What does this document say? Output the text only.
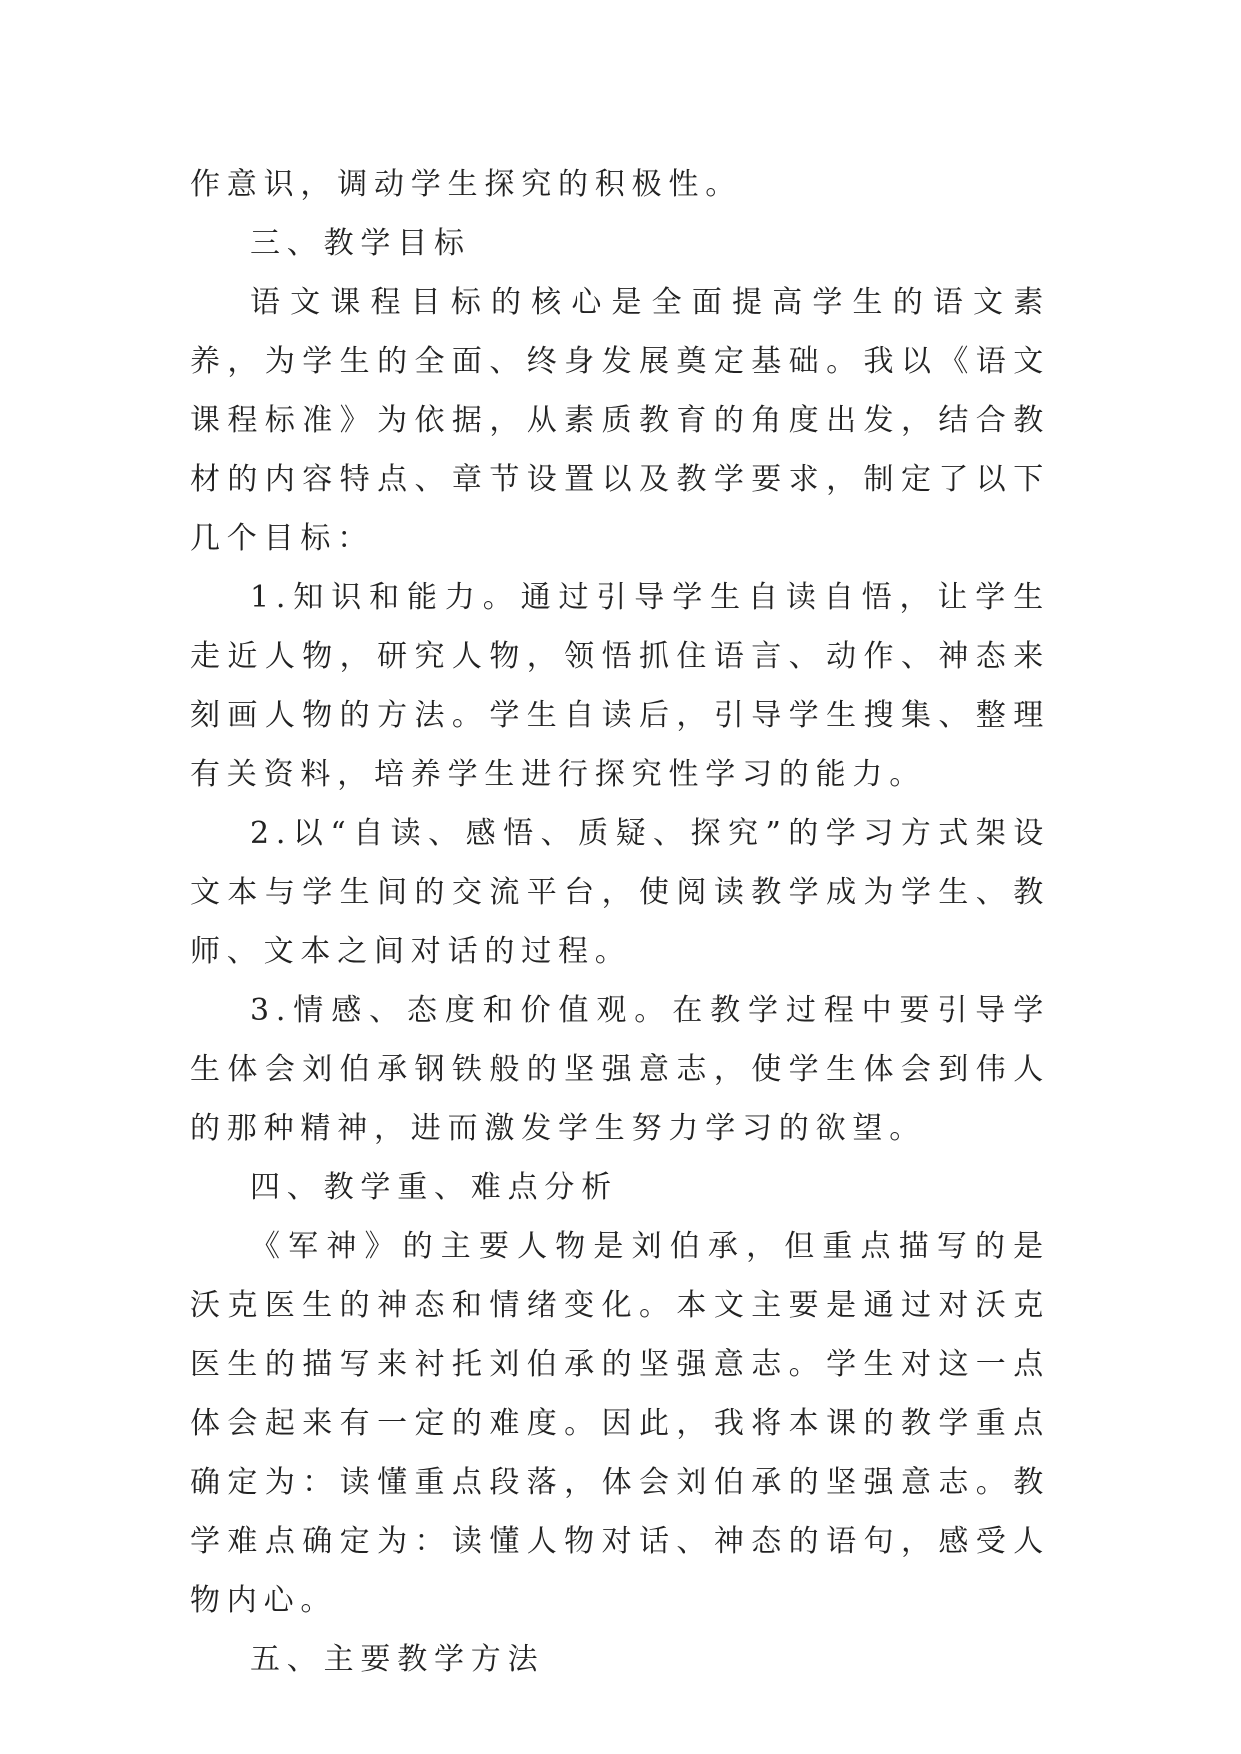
作意识，调动学生探究的积极性。

三、教学目标

语文课程目标的核心是全面提高学生的语文素养，为学生的全面、终身发展奠定基础。我以《语文课程标准》为依据，从素质教育的角度出发，结合教材的内容特点、章节设置以及教学要求，制定了以下几个目标：

1.知识和能力。通过引导学生自读自悟，让学生走近人物，研究人物，领悟抓住语言、动作、神态来刻画人物的方法。学生自读后，引导学生搜集、整理有关资料，培养学生进行探究性学习的能力。

2.以“自读、感悟、质疑、探究”的学习方式架设文本与学生间的交流平台，使阅读教学成为学生、教师、文本之间对话的过程。

3.情感、态度和价值观。在教学过程中要引导学生体会刘伯承钢铁般的坚强意志，使学生体会到伟人的那种精神，进而激发学生努力学习的欲望。

四、教学重、难点分析

《军神》的主要人物是刘伯承，但重点描写的是沃克医生的神态和情绪变化。本文主要是通过对沃克医生的描写来衬托刘伯承的坚强意志。学生对这一点体会起来有一定的难度。因此，我将本课的教学重点确定为：读懂重点段落，体会刘伯承的坚强意志。教学难点确定为：读懂人物对话、神态的语句，感受人物内心。

五、主要教学方法
